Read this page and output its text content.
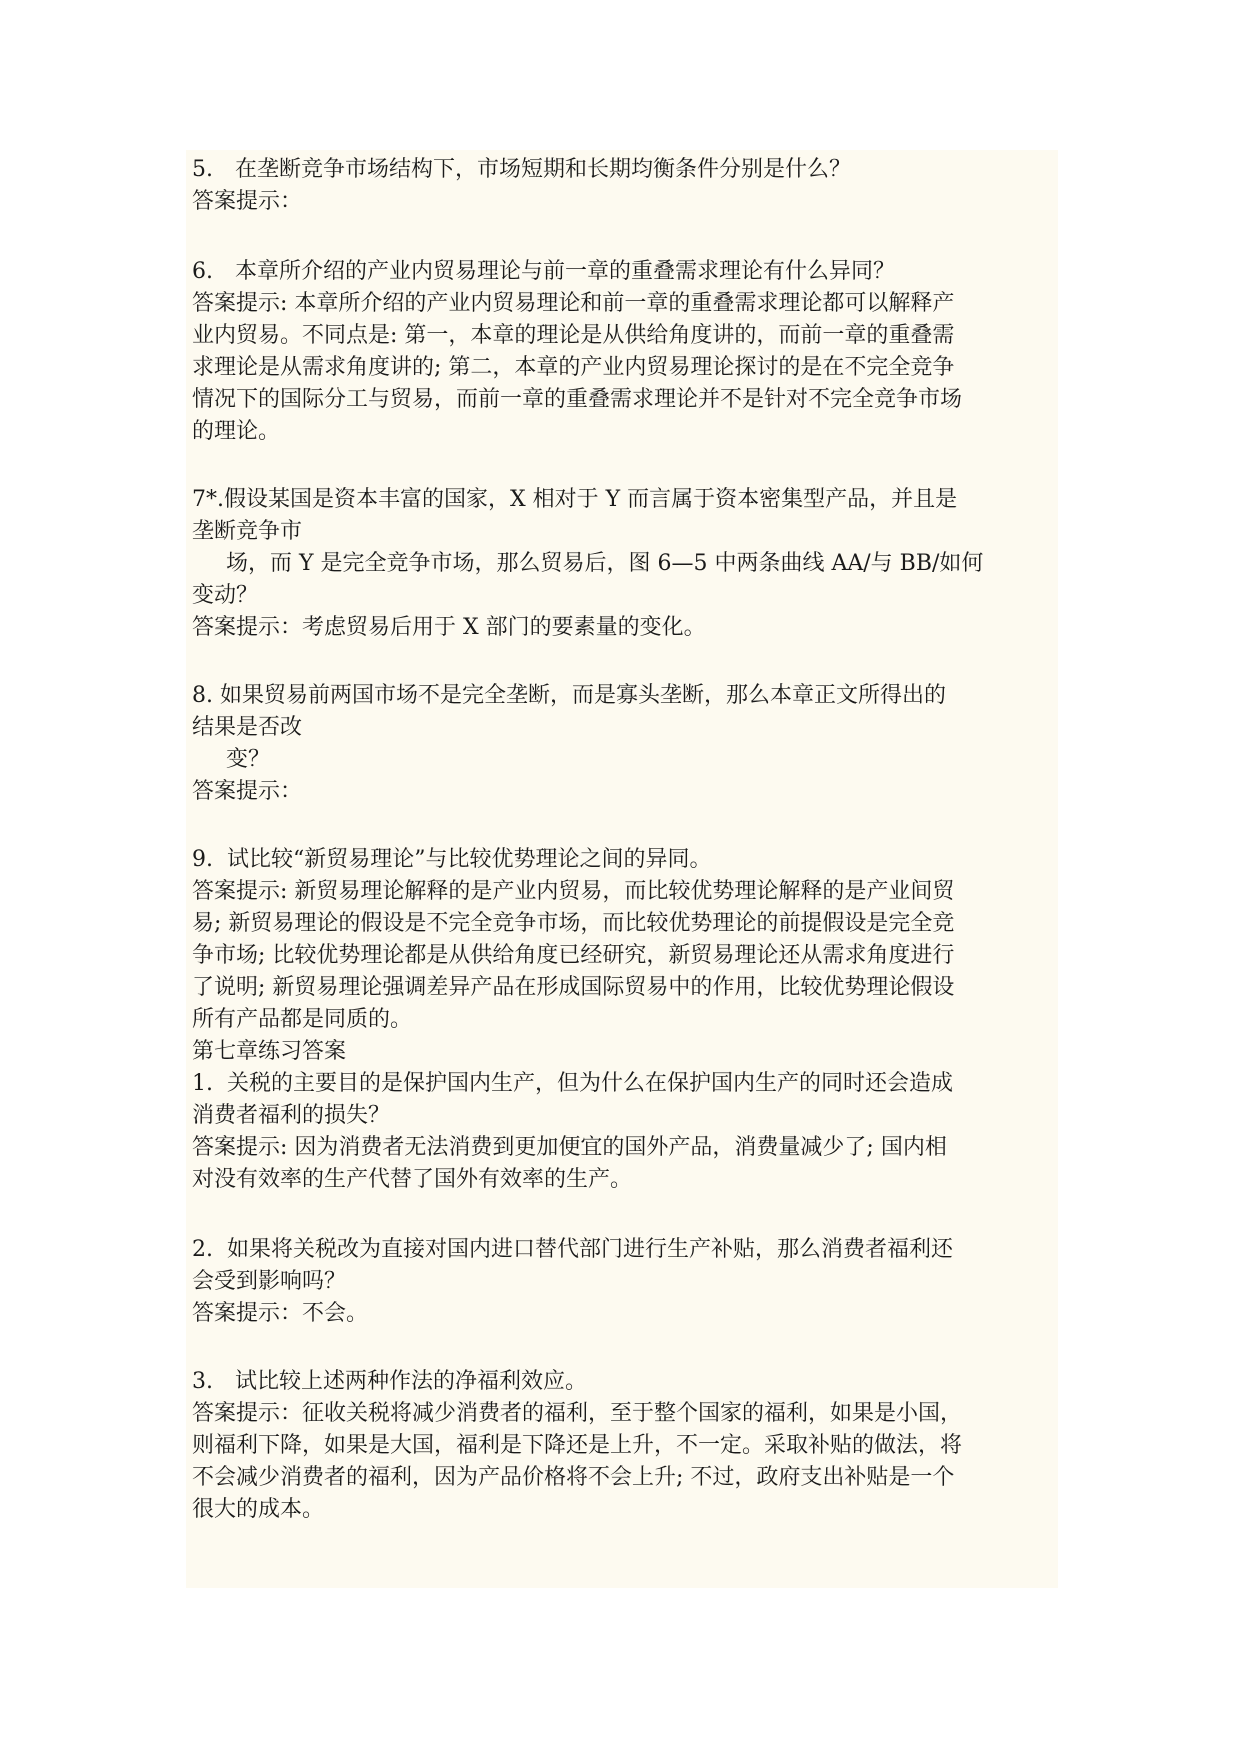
5.　在垄断竞争市场结构下，市场短期和长期均衡条件分别是什么？
答案提示：
6.　本章所介绍的产业内贸易理论与前一章的重叠需求理论有什么异同？
答案提示: 本章所介绍的产业内贸易理论和前一章的重叠需求理论都可以解释产
业内贸易。不同点是: 第一，本章的理论是从供给角度讲的，而前一章的重叠需
求理论是从需求角度讲的; 第二，本章的产业内贸易理论探讨的是在不完全竞争
情况下的国际分工与贸易，而前一章的重叠需求理论并不是针对不完全竞争市场
的理论。
7*.假设某国是资本丰富的国家，X 相对于 Y 而言属于资本密集型产品，并且是
垄断竞争市
场，而 Y 是完全竞争市场，那么贸易后，图 6—5 中两条曲线 AA/与 BB/如何
变动？
答案提示：考虑贸易后用于 X 部门的要素量的变化。
8. 如果贸易前两国市场不是完全垄断，而是寡头垄断，那么本章正文所得出的
结果是否改
变？
答案提示：
9.  试比较“新贸易理论”与比较优势理论之间的异同。
答案提示: 新贸易理论解释的是产业内贸易，而比较优势理论解释的是产业间贸
易; 新贸易理论的假设是不完全竞争市场，而比较优势理论的前提假设是完全竞
争市场; 比较优势理论都是从供给角度已经研究，新贸易理论还从需求角度进行
了说明; 新贸易理论强调差异产品在形成国际贸易中的作用，比较优势理论假设
所有产品都是同质的。
第七章练习答案
1.  关税的主要目的是保护国内生产，但为什么在保护国内生产的同时还会造成
消费者福利的损失？
答案提示: 因为消费者无法消费到更加便宜的国外产品，消费量减少了; 国内相
对没有效率的生产代替了国外有效率的生产。
2.  如果将关税改为直接对国内进口替代部门进行生产补贴，那么消费者福利还
会受到影响吗？
答案提示：不会。
3.　试比较上述两种作法的净福利效应。
答案提示：征收关税将减少消费者的福利，至于整个国家的福利，如果是小国，
则福利下降，如果是大国，福利是下降还是上升，不一定。采取补贴的做法，将
不会减少消费者的福利，因为产品价格将不会上升; 不过，政府支出补贴是一个
很大的成本。
